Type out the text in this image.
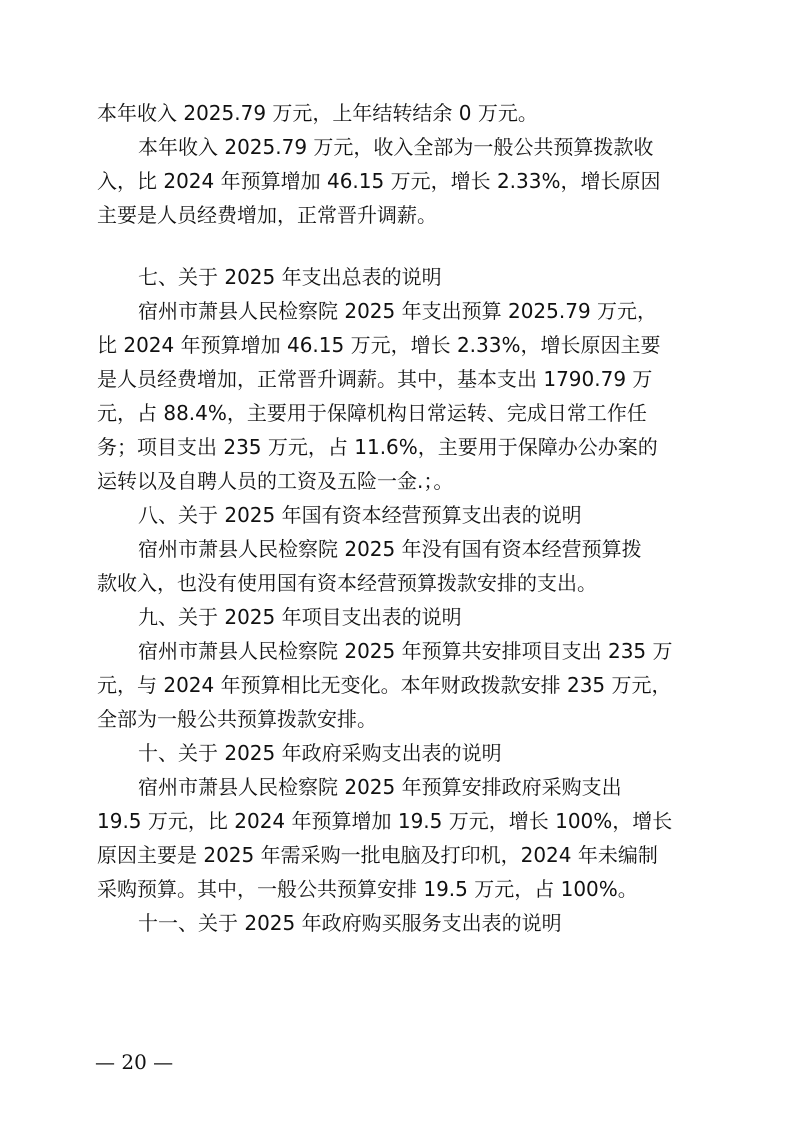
本年收入 2025.79 万元，上年结转结余 0 万元。
本年收入 2025.79 万元，收入全部为一般公共预算拨款收
入，比 2024 年预算增加 46.15 万元，增长 2.33%，增长原因
主要是人员经费增加，正常晋升调薪。
七、关于 2025 年支出总表的说明
宿州市萧县人民检察院 2025 年支出预算 2025.79 万元，
比 2024 年预算增加 46.15 万元，增长 2.33%，增长原因主要
是人员经费增加，正常晋升调薪。其中，基本支出 1790.79 万
元，占 88.4%，主要用于保障机构日常运转、完成日常工作任
务；项目支出 235 万元，占 11.6%，主要用于保障办公办案的
运转以及自聘人员的工资及五险一金.；。
八、关于 2025 年国有资本经营预算支出表的说明
宿州市萧县人民检察院 2025 年没有国有资本经营预算拨
款收入，也没有使用国有资本经营预算拨款安排的支出。
九、关于 2025 年项目支出表的说明
宿州市萧县人民检察院 2025 年预算共安排项目支出 235 万
元，与 2024 年预算相比无变化。本年财政拨款安排 235 万元，
全部为一般公共预算拨款安排。
十、关于 2025 年政府采购支出表的说明
宿州市萧县人民检察院 2025 年预算安排政府采购支出
19.5 万元，比 2024 年预算增加 19.5 万元，增长 100%，增长
原因主要是 2025 年需采购一批电脑及打印机，2024 年未编制
采购预算。其中，一般公共预算安排 19.5 万元，占 100%。
十一、关于 2025 年政府购买服务支出表的说明
— 20 —
